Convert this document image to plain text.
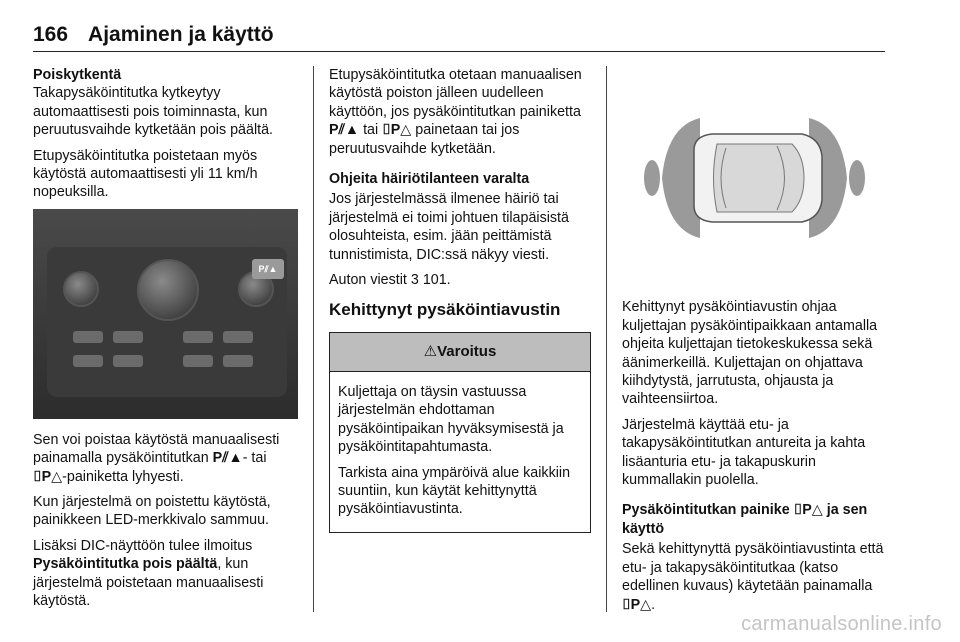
166 Ajaminen ja käyttö
Poiskytkentä

Takapysäköintitutka kytkeytyy automaattisesti pois toiminnasta, kun peruutusvaihde kytketään pois päältä.

Etupysäköintitutka poistetaan myös käytöstä automaattisesti yli 11 km/h nopeuksilla.

P⫽▲

Sen voi poistaa käytöstä manuaalisesti painamalla pysäköintitutkan P⫽▲- tai ⌷P△-painiketta lyhyesti.

Kun järjestelmä on poistettu käytöstä, painikkeen LED-merkkivalo sammuu.

Lisäksi DIC-näyttöön tulee ilmoitus Pysäköintitutka pois päältä, kun järjestelmä poistetaan manuaalisesti käytöstä.

Etupysäköintitutka otetaan manuaalisen käytöstä poiston jälleen uudelleen käyttöön, jos pysäköintitutkan painiketta P⫽▲ tai ⌷P△ painetaan tai jos peruutusvaihde kytketään.

Ohjeita häiriötilanteen varalta

Jos järjestelmässä ilmenee häiriö tai järjestelmä ei toimi johtuen tilapäisistä olosuhteista, esim. jään peittämistä tunnistimista, DIC:ssä näkyy viesti.

Auton viestit 3 101.

Kehittynyt pysäköintiavustin
⚠ Varoitus

Kuljettaja on täysin vastuussa järjestelmän ehdottaman pysäköintipaikan hyväksymisestä ja pysäköintitapahtumasta.

Tarkista aina ympäröivä alue kaikkiin suuntiin, kun käytät kehittynyttä pysäköintiavustinta.

Kehittynyt pysäköintiavustin ohjaa kuljettajan pysäköintipaikkaan antamalla ohjeita kuljettajan tietokeskukessa sekä äänimerkeillä. Kuljettajan on ohjattava kiihdytystä, jarrutusta, ohjausta ja vaihteensiirtoa.

Järjestelmä käyttää etu- ja takapysäköintitutkan antureita ja kahta lisäanturia etu- ja takapuskurin kummallakin puolella.

Pysäköintitutkan painike ⌷P△ ja sen käyttö

Sekä kehittynyttä pysäköintiavustinta että etu- ja takapysäköintitutkaa (katso edellinen kuvaus) käytetään painamalla ⌷P△.

carmanualsonline.info
